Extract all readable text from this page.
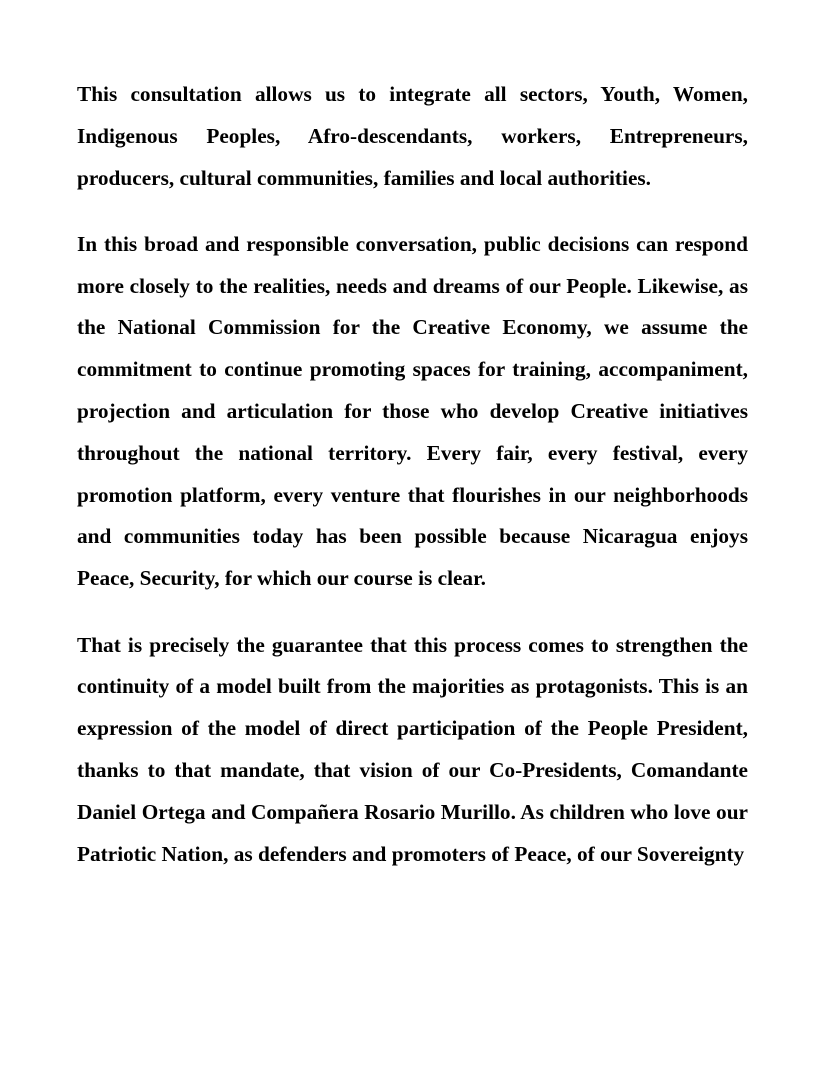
This consultation allows us to integrate all sectors, Youth, Women, Indigenous Peoples, Afro-descendants, workers, Entrepreneurs, producers, cultural communities, families and local authorities.

In this broad and responsible conversation, public decisions can respond more closely to the realities, needs and dreams of our People. Likewise, as the National Commission for the Creative Economy, we assume the commitment to continue promoting spaces for training, accompaniment, projection and articulation for those who develop Creative initiatives throughout the national territory. Every fair, every festival, every promotion platform, every venture that flourishes in our neighborhoods and communities today has been possible because Nicaragua enjoys Peace, Security, for which our course is clear.

That is precisely the guarantee that this process comes to strengthen the continuity of a model built from the majorities as protagonists. This is an expression of the model of direct participation of the People President, thanks to that mandate, that vision of our Co-Presidents, Comandante Daniel Ortega and Compañera Rosario Murillo. As children who love our Patriotic Nation, as defenders and promoters of Peace, of our Sovereignty
